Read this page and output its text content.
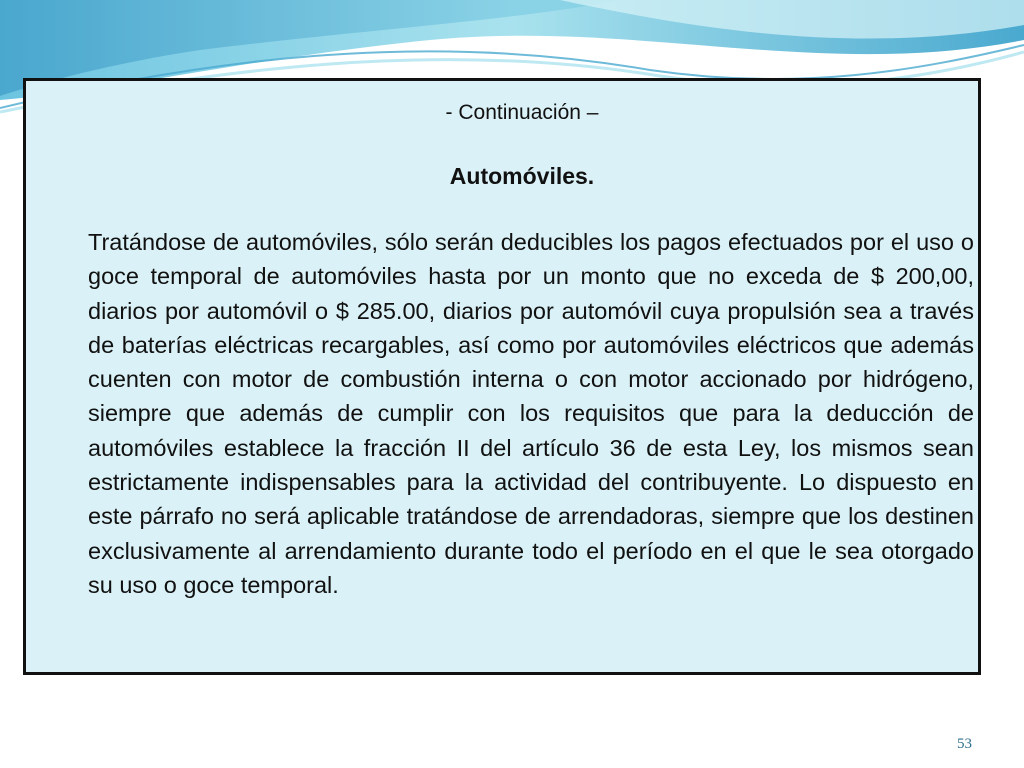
- Continuación –
Automóviles.

Tratándose de automóviles, sólo serán deducibles los pagos efectuados por el uso o goce temporal de automóviles hasta por un monto que no exceda de $ 200,00, diarios por automóvil o $ 285.00, diarios por automóvil cuya propulsión sea a través de baterías eléctricas recargables, así como por automóviles eléctricos que además cuenten con motor de combustión interna o con motor accionado por hidrógeno, siempre que además de cumplir con los requisitos que para la deducción de automóviles establece la fracción II del artículo 36 de esta Ley, los mismos sean estrictamente indispensables para la actividad del contribuyente. Lo dispuesto en este párrafo no será aplicable tratándose de arrendadoras, siempre que los destinen exclusivamente al arrendamiento durante todo el período en el que le sea otorgado su uso o goce temporal.

53
